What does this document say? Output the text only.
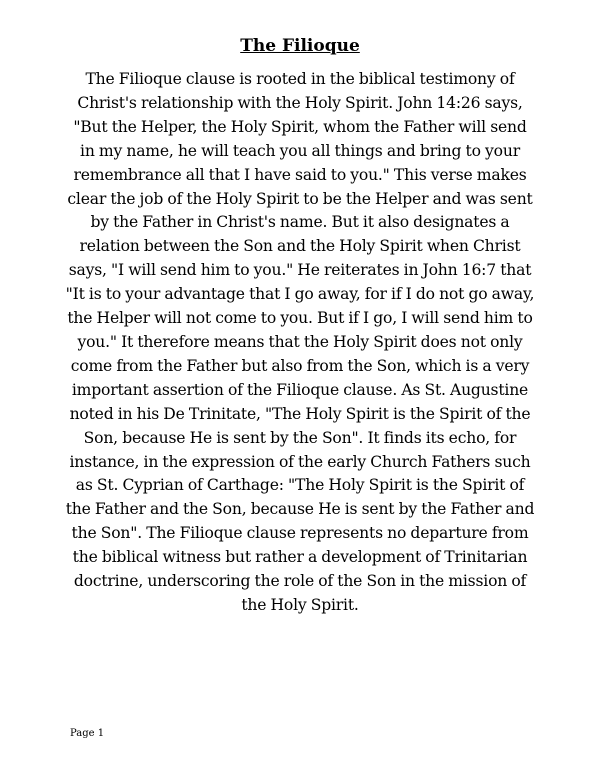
The Filioque

The Filioque clause is rooted in the biblical testimony of Christ's relationship with the Holy Spirit. John 14:26 says, "But the Helper, the Holy Spirit, whom the Father will send in my name, he will teach you all things and bring to your remembrance all that I have said to you." This verse makes clear the job of the Holy Spirit to be the Helper and was sent by the Father in Christ's name. But it also designates a relation between the Son and the Holy Spirit when Christ says, "I will send him to you." He reiterates in John 16:7 that "It is to your advantage that I go away, for if I do not go away, the Helper will not come to you. But if I go, I will send him to you." It therefore means that the Holy Spirit does not only come from the Father but also from the Son, which is a very important assertion of the Filioque clause. As St. Augustine noted in his De Trinitate, "The Holy Spirit is the Spirit of the Son, because He is sent by the Son". It finds its echo, for instance, in the expression of the early Church Fathers such as St. Cyprian of Carthage: "The Holy Spirit is the Spirit of the Father and the Son, because He is sent by the Father and the Son". The Filioque clause represents no departure from the biblical witness but rather a development of Trinitarian doctrine, underscoring the role of the Son in the mission of the Holy Spirit.

Page 1
